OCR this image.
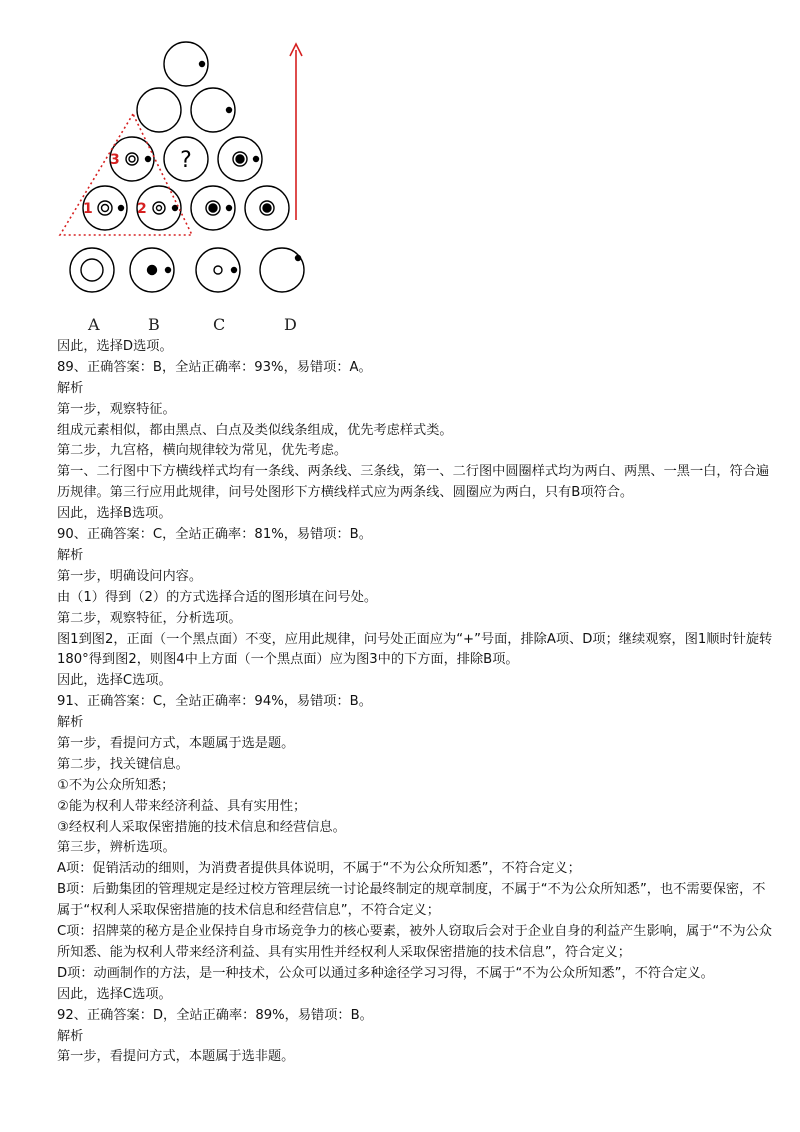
?
1	2
3
A	B	C	D
因此，选择D选项。
89、正确答案：B，全站正确率：93%，易错项：A。
解析
第一步，观察特征。
组成元素相似，都由黑点、白点及类似线条组成，优先考虑样式类。
第二步，九宫格，横向规律较为常见，优先考虑。
第一、二行图中下方横线样式均有一条线、两条线、三条线，第一、二行图中圆圈样式均为两白、两黑、一黑一白，符合遍历规律。第三行应用此规律，问号处图形下方横线样式应为两条线、圆圈应为两白，只有B项符合。
因此，选择B选项。
90、正确答案：C，全站正确率：81%，易错项：B。
解析
第一步，明确设问内容。
由（1）得到（2）的方式选择合适的图形填在问号处。
第二步，观察特征，分析选项。
图1到图2，正面（一个黑点面）不变，应用此规律，问号处正面应为“+”号面，排除A项、D项；继续观察，图1顺时针旋转180°得到图2，则图4中上方面（一个黑点面）应为图3中的下方面，排除B项。
因此，选择C选项。
91、正确答案：C，全站正确率：94%，易错项：B。
解析
第一步，看提问方式，本题属于选是题。
第二步，找关键信息。
①不为公众所知悉；
②能为权利人带来经济利益、具有实用性；
③经权利人采取保密措施的技术信息和经营信息。
第三步，辨析选项。
A项：促销活动的细则，为消费者提供具体说明，不属于“不为公众所知悉”，不符合定义；
B项：后勤集团的管理规定是经过校方管理层统一讨论最终制定的规章制度，不属于“不为公众所知悉”，也不需要保密，不属于“权利人采取保密措施的技术信息和经营信息”，不符合定义；
C项：招牌菜的秘方是企业保持自身市场竞争力的核心要素，被外人窃取后会对于企业自身的利益产生影响，属于“不为公众所知悉、能为权利人带来经济利益、具有实用性并经权利人采取保密措施的技术信息”，符合定义；
D项：动画制作的方法，是一种技术，公众可以通过多种途径学习习得，不属于“不为公众所知悉”，不符合定义。
因此，选择C选项。
92、正确答案：D，全站正确率：89%，易错项：B。
解析
第一步，看提问方式，本题属于选非题。
